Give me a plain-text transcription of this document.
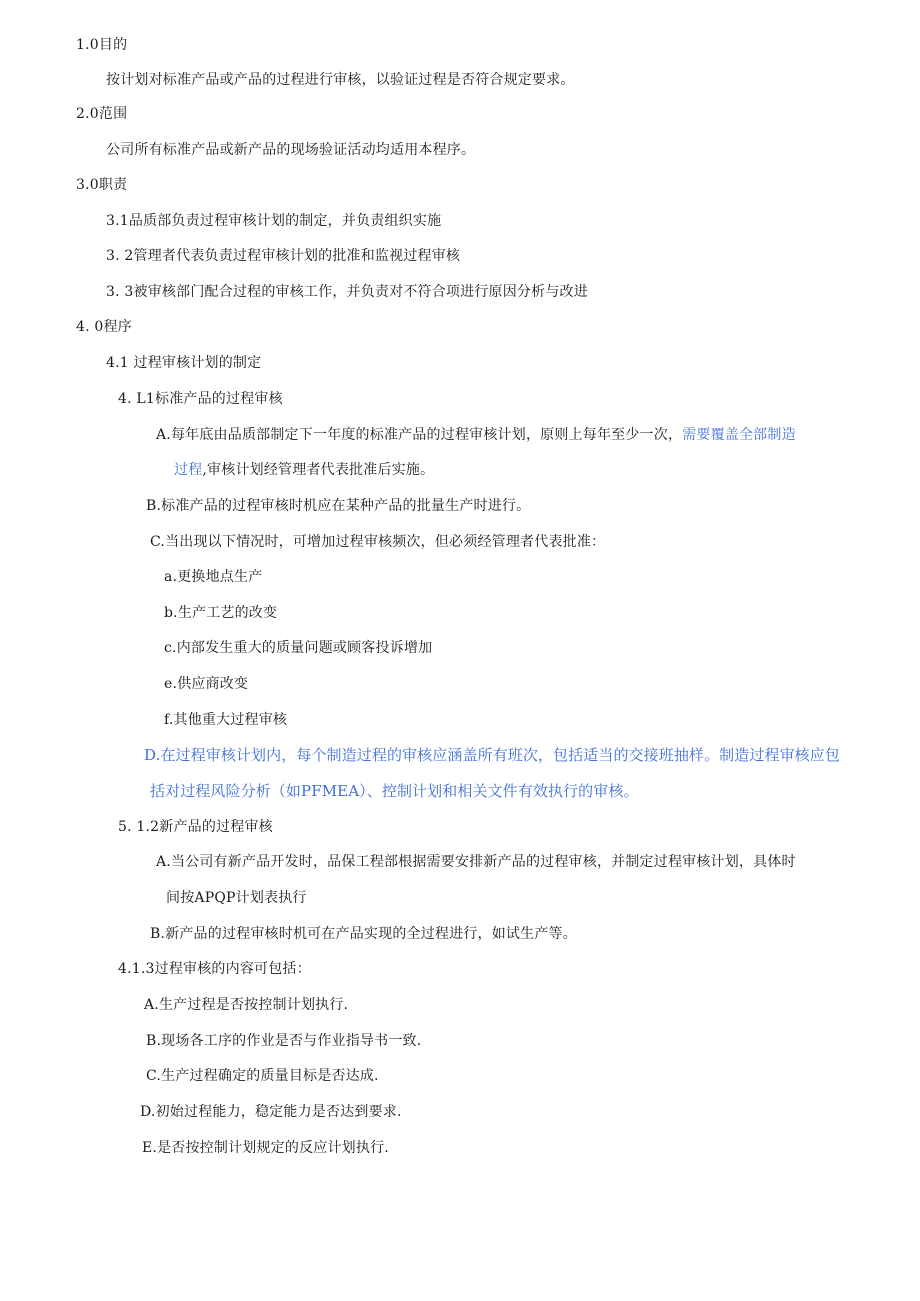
1.0目的
按计划对标准产品或产品的过程进行审核，以验证过程是否符合规定要求。
2.0范围
公司所有标准产品或新产品的现场验证活动均适用本程序。
3.0职责
3.1品质部负责过程审核计划的制定，并负责组织实施
3. 2管理者代表负责过程审核计划的批准和监视过程审核
3. 3被审核部门配合过程的审核工作，并负责对不符合项进行原因分析与改进
4. 0程序
4.1 过程审核计划的制定
4. L1标准产品的过程审核
A.每年底由品质部制定下一年度的标准产品的过程审核计划，原则上每年至少一次，需要覆盖全部制造
过程,审核计划经管理者代表批准后实施。
B.标准产品的过程审核时机应在某种产品的批量生产时进行。
C.当出现以下情况时，可增加过程审核频次，但必须经管理者代表批准：
a.更换地点生产
b.生产工艺的改变
c.内部发生重大的质量问题或顾客投诉增加
e.供应商改变
f.其他重大过程审核
D.在过程审核计划内，每个制造过程的审核应涵盖所有班次，包括适当的交接班抽样。制造过程审核应包
括对过程风险分析（如PFMEA）、控制计划和相关文件有效执行的审核。
5. 1.2新产品的过程审核
A.当公司有新产品开发时，品保工程部根据需要安排新产品的过程审核，并制定过程审核计划，具体时
间按APQP计划表执行
B.新产品的过程审核时机可在产品实现的全过程进行，如试生产等。
4.1.3过程审核的内容可包括：
A.生产过程是否按控制计划执行.
B.现场各工序的作业是否与作业指导书一致.
C.生产过程确定的质量目标是否达成.
D.初始过程能力，稳定能力是否达到要求.
E.是否按控制计划规定的反应计划执行.
